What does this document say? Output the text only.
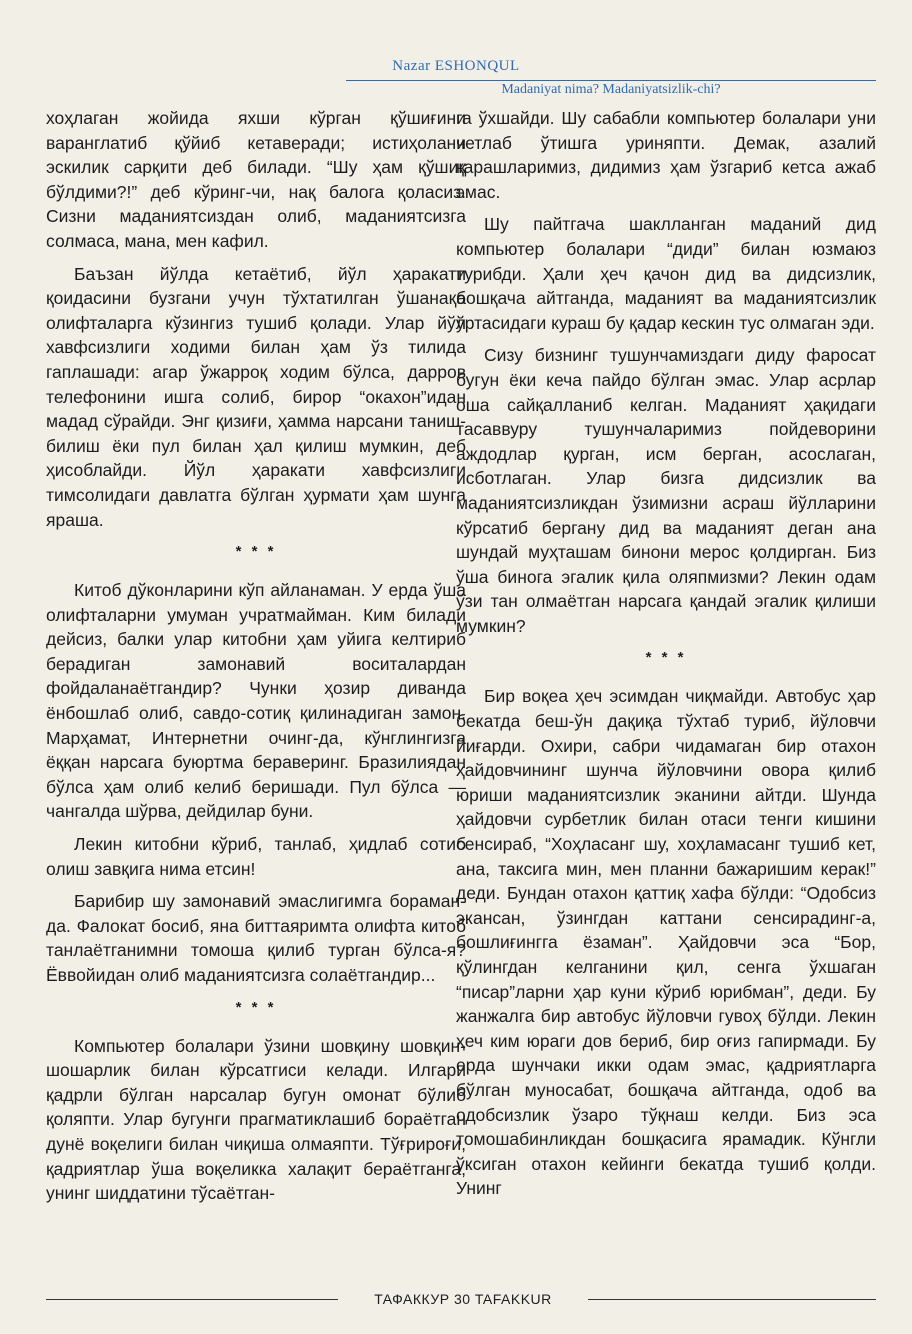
Nazar ESHONQUL
Madaniyat nima? Madaniyatsizlik-chi?

хоҳлаган жойида яхши кўрган қўшиғини варанглатиб қўйиб кетаверади; истиҳолани эскилик сарқити деб билади. “Шу ҳам қўшиқ бўлдими?!” деб кўринг-чи, нақ балога қоласиз. Сизни маданиятсиздан олиб, маданиятсизга солмаса, мана, мен кафил.

Баъзан йўлда кетаётиб, йўл ҳаракати қоидасини бузгани учун тўхтатилган ўшанақа олифталарга кўзингиз тушиб қолади. Улар йўл хавфсизлиги ходими билан ҳам ўз тилида гаплашади: агар ўжарроқ ходим бўлса, дарров телефонини ишга солиб, бирор “окахон”идан мадад сўрайди. Энг қизиғи, ҳамма нарсани таниш-билиш ёки пул билан ҳал қилиш мумкин, деб ҳисоблайди. Йўл ҳаракати хавфсизлиги тимсолидаги давлатга бўлган ҳурмати ҳам шунга яраша.

* * *

Китоб дўконларини кўп айланаман. У ерда ўша олифталарни умуман учратмайман. Ким билади дейсиз, балки улар китобни ҳам уйига келтириб берадиган замонавий воситалардан фойдаланаётгандир? Чунки ҳозир диванда ёнбошлаб олиб, савдо-сотиқ қилинадиган замон. Марҳамат, Интернетни очинг-да, кўнглингизга ёққан нарсага буюртма бераверинг. Бразилиядан бўлса ҳам олиб келиб беришади. Пул бўлса — чангалда шўрва, дейдилар буни.

Лекин китобни кўриб, танлаб, ҳидлаб сотиб олиш завқига нима етсин!

Барибир шу замонавий эмаслигимга бораман-да. Фалокат босиб, яна биттаяримта олифта китоб танлаётганимни томоша қилиб турган бўлса-я? Ёввойидан олиб маданиятсизга солаётгандир...

* * *

Компьютер болалари ўзини шовқину шовқин-шошарлик билан кўрсатгиси келади. Илгари қадрли бўлган нарсалар бугун омонат бўлиб қоляпти. Улар бугунги прагматиклашиб бораётган дунё воқелиги билан чиқиша олмаяпти. Тўғрироғи, қадриятлар ўша воқеликка халақит бераётганга, унинг шиддатини тўсаётган-

га ўхшайди. Шу сабабли компьютер болалари уни четлаб ўтишга уриняпти. Демак, азалий қарашларимиз, дидимиз ҳам ўзгариб кетса ажаб эмас.

Шу пайтгача шаклланган маданий дид компьютер болалари “диди” билан юзмаюз турибди. Ҳали ҳеч қачон дид ва дидсизлик, бошқача айтганда, маданият ва маданиятсизлик ўртасидаги кураш бу қадар кескин тус олмаган эди.

Сизу бизнинг тушунчамиздаги диду фаросат бугун ёки кеча пайдо бўлган эмас. Улар асрлар оша сайқалланиб келган. Маданият ҳақидаги тасаввуру тушунчаларимиз пойдеворини аждодлар қурган, исм берган, асослаган, исботлаган. Улар бизга дидсизлик ва маданиятсизликдан ўзимизни асраш йўлларини кўрсатиб бергану дид ва маданият деган ана шундай муҳташам бинони мерос қолдирган. Биз ўша бинога эгалик қила оляпмизми? Лекин одам ўзи тан олмаётган нарсага қандай эгалик қилиши мумкин?

* * *

Бир воқеа ҳеч эсимдан чиқмайди. Автобус ҳар бекатда беш-ўн дақиқа тўхтаб туриб, йўловчи йиғарди. Охири, сабри чидамаган бир отахон ҳайдовчининг шунча йўловчини овора қилиб юриши маданиятсизлик эканини айтди. Шунда ҳайдовчи сурбетлик билан отаси тенги кишини сенсираб, “Хоҳласанг шу, хоҳламасанг тушиб кет, ана, таксига мин, мен планни бажаришим керак!” деди. Бундан отахон қаттиқ хафа бўлди: “Одобсиз экансан, ўзингдан каттани сенсирадинг-а, бошлиғингга ёзаман”. Ҳайдовчи эса “Бор, қўлингдан келганини қил, сенга ўхшаган “писар”ларни ҳар куни кўриб юрибман”, деди. Бу жанжалга бир автобус йўловчи гувоҳ бўлди. Лекин ҳеч ким юраги дов бериб, бир оғиз гапирмади. Бу ерда шунчаки икки одам эмас, қадриятларга бўлган муносабат, бошқача айтганда, одоб ва одобсизлик ўзаро тўқнаш келди. Биз эса томошабинликдан бошқасига ярамадик. Кўнгли ўксиган отахон кейинги бекатда тушиб қолди. Унинг

ТАФАККУР 30 TAFAKKUR
